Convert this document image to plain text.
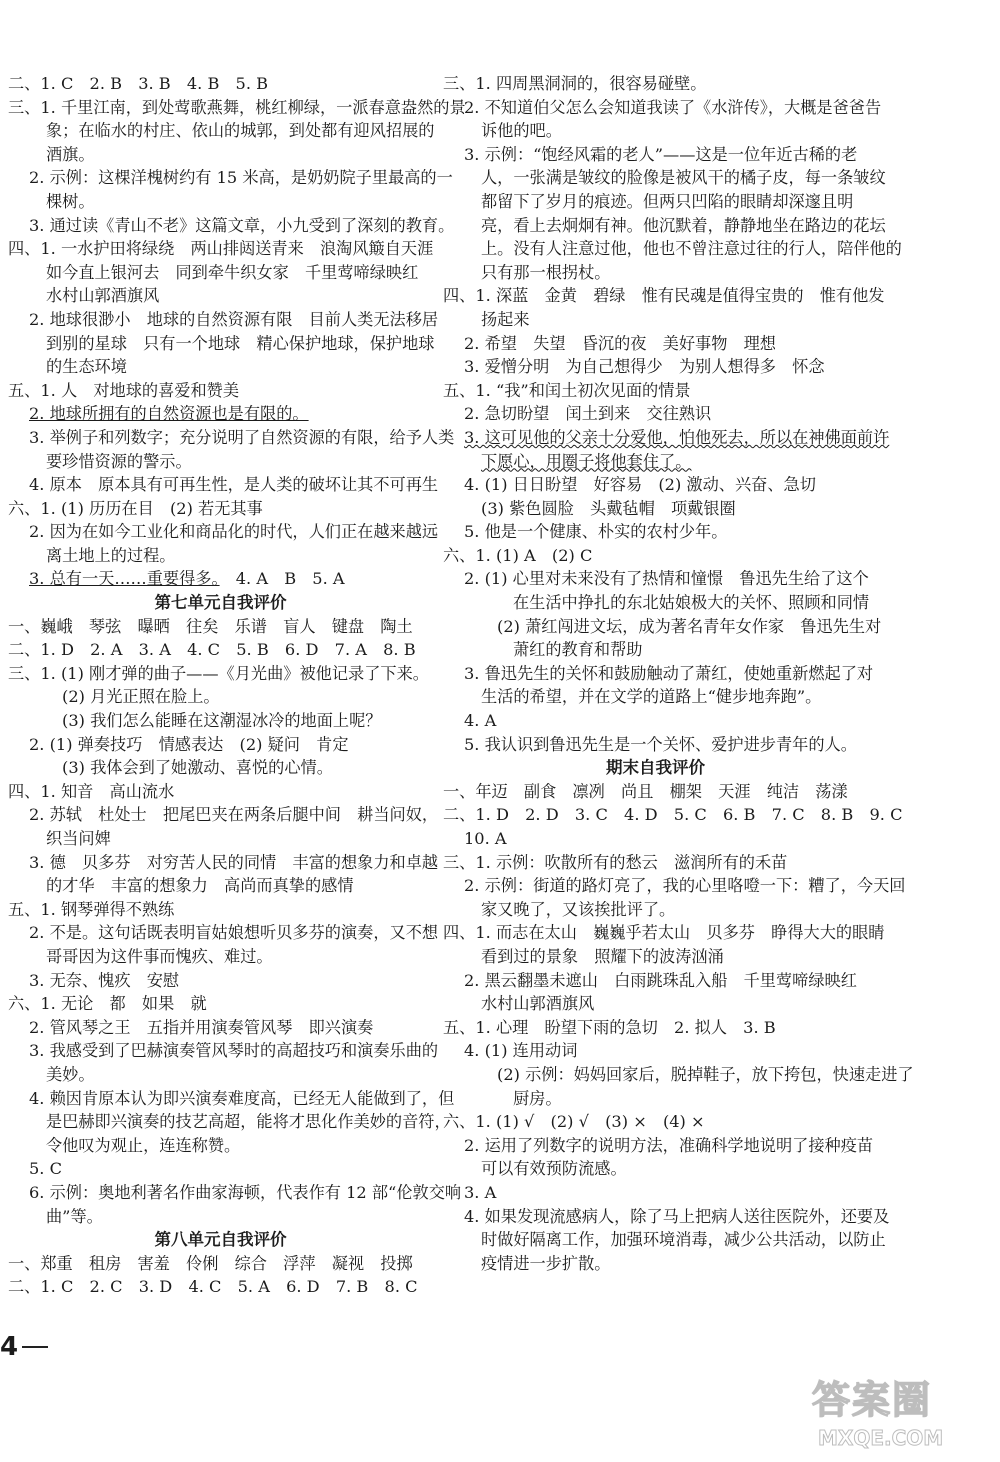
二、1. C　2. B　3. B　4. B　5. B
三、1. 千里江南，到处莺歌燕舞，桃红柳绿，一派春意盎然的景
象；在临水的村庄、依山的城郭，到处都有迎风招展的
酒旗。
2. 示例：这棵洋槐树约有 15 米高，是奶奶院子里最高的一
棵树。
3. 通过读《青山不老》这篇文章，小九受到了深刻的教育。
四、1. 一水护田将绿绕　两山排闼送青来　浪淘风簸自天涯
如今直上银河去　同到牵牛织女家　千里莺啼绿映红
水村山郭酒旗风
2. 地球很渺小　地球的自然资源有限　目前人类无法移居
到别的星球　只有一个地球　精心保护地球，保护地球
的生态环境
五、1. 人　对地球的喜爱和赞美
2. 地球所拥有的自然资源也是有限的。
3. 举例子和列数字；充分说明了自然资源的有限，给予人类
要珍惜资源的警示。
4. 原本　原本具有可再生性，是人类的破坏让其不可再生
六、1. (1) 历历在目　(2) 若无其事
2. 因为在如今工业化和商品化的时代，人们正在越来越远
离土地上的过程。
3. 总有一天……重要得多。　4. A　B　5. A
第七单元自我评价
一、巍峨　琴弦　曝晒　往矣　乐谱　盲人　键盘　陶土
二、1. D　2. A　3. A　4. C　5. B　6. D　7. A　8. B
三、1. (1) 刚才弹的曲子——《月光曲》被他记录了下来。
(2) 月光正照在脸上。
(3) 我们怎么能睡在这潮湿冰冷的地面上呢？
2. (1) 弹奏技巧　情感表达　(2) 疑问　肯定
(3) 我体会到了她激动、喜悦的心情。
四、1. 知音　高山流水
2. 苏轼　杜处士　把尾巴夹在两条后腿中间　耕当问奴，
织当问婢
3. 德　贝多芬　对穷苦人民的同情　丰富的想象力和卓越
的才华　丰富的想象力　高尚而真挚的感情
五、1. 钢琴弹得不熟练
2. 不是。这句话既表明盲姑娘想听贝多芬的演奏，又不想
哥哥因为这件事而愧疚、难过。
3. 无奈、愧疚　安慰
六、1. 无论　都　如果　就
2. 管风琴之王　五指并用演奏管风琴　即兴演奏
3. 我感受到了巴赫演奏管风琴时的高超技巧和演奏乐曲的
美妙。
4. 赖因肯原本认为即兴演奏难度高，已经无人能做到了，但
是巴赫即兴演奏的技艺高超，能将才思化作美妙的音符，
令他叹为观止，连连称赞。
5. C
6. 示例：奥地利著名作曲家海顿，代表作有 12 部“伦敦交响
曲”等。
第八单元自我评价
一、郑重　租房　害羞　伶俐　综合　浮萍　凝视　投掷
二、1. C　2. C　3. D　4. C　5. A　6. D　7. B　8. C
三、1. 四周黑洞洞的，很容易碰壁。
2. 不知道伯父怎么会知道我读了《水浒传》，大概是爸爸告
诉他的吧。
3. 示例：“饱经风霜的老人”——这是一位年近古稀的老
人，一张满是皱纹的脸像是被风干的橘子皮，每一条皱纹
都留下了岁月的痕迹。但两只凹陷的眼睛却深邃且明
亮，看上去炯炯有神。他沉默着，静静地坐在路边的花坛
上。没有人注意过他，他也不曾注意过往的行人，陪伴他的
只有那一根拐杖。
四、1. 深蓝　金黄　碧绿　惟有民魂是值得宝贵的　惟有他发
扬起来
2. 希望　失望　昏沉的夜　美好事物　理想
3. 爱憎分明　为自己想得少　为别人想得多　怀念
五、1. “我”和闰土初次见面的情景
2. 急切盼望　闰土到来　交往熟识
3. 这可见他的父亲十分爱他，怕他死去，所以在神佛面前许
下愿心，用圈子将他套住了。
4. (1) 日日盼望　好容易　(2) 激动、兴奋、急切
(3) 紫色圆脸　头戴毡帽　项戴银圈
5. 他是一个健康、朴实的农村少年。
六、1. (1) A　(2) C
2. (1) 心里对未来没有了热情和憧憬　鲁迅先生给了这个
在生活中挣扎的东北姑娘极大的关怀、照顾和同情
(2) 萧红闯进文坛，成为著名青年女作家　鲁迅先生对
萧红的教育和帮助
3. 鲁迅先生的关怀和鼓励触动了萧红，使她重新燃起了对
生活的希望，并在文学的道路上“健步地奔跑”。
4. A
5. 我认识到鲁迅先生是一个关怀、爱护进步青年的人。
期末自我评价
一、年迈　副食　凛冽　尚且　棚架　天涯　纯洁　荡漾
二、1. D　2. D　3. C　4. D　5. C　6. B　7. C　8. B　9. C
10. A
三、1. 示例：吹散所有的愁云　滋润所有的禾苗
2. 示例：街道的路灯亮了，我的心里咯噔一下：糟了，今天回
家又晚了，又该挨批评了。
四、1. 而志在太山　巍巍乎若太山　贝多芬　睁得大大的眼睛
看到过的景象　照耀下的波涛汹涌
2. 黑云翻墨未遮山　白雨跳珠乱入船　千里莺啼绿映红
水村山郭酒旗风
五、1. 心理　盼望下雨的急切　2. 拟人　3. B
4. (1) 连用动词
(2) 示例：妈妈回家后，脱掉鞋子，放下挎包，快速走进了
厨房。
六、1. (1) √　(2) √　(3) ×　(4) ×
2. 运用了列数字的说明方法，准确科学地说明了接种疫苗
可以有效预防流感。
3. A
4. 如果发现流感病人，除了马上把病人送往医院外，还要及
时做好隔离工作，加强环境消毒，减少公共活动，以防止
疫情进一步扩散。
4
答案圈
MXQE.COM
